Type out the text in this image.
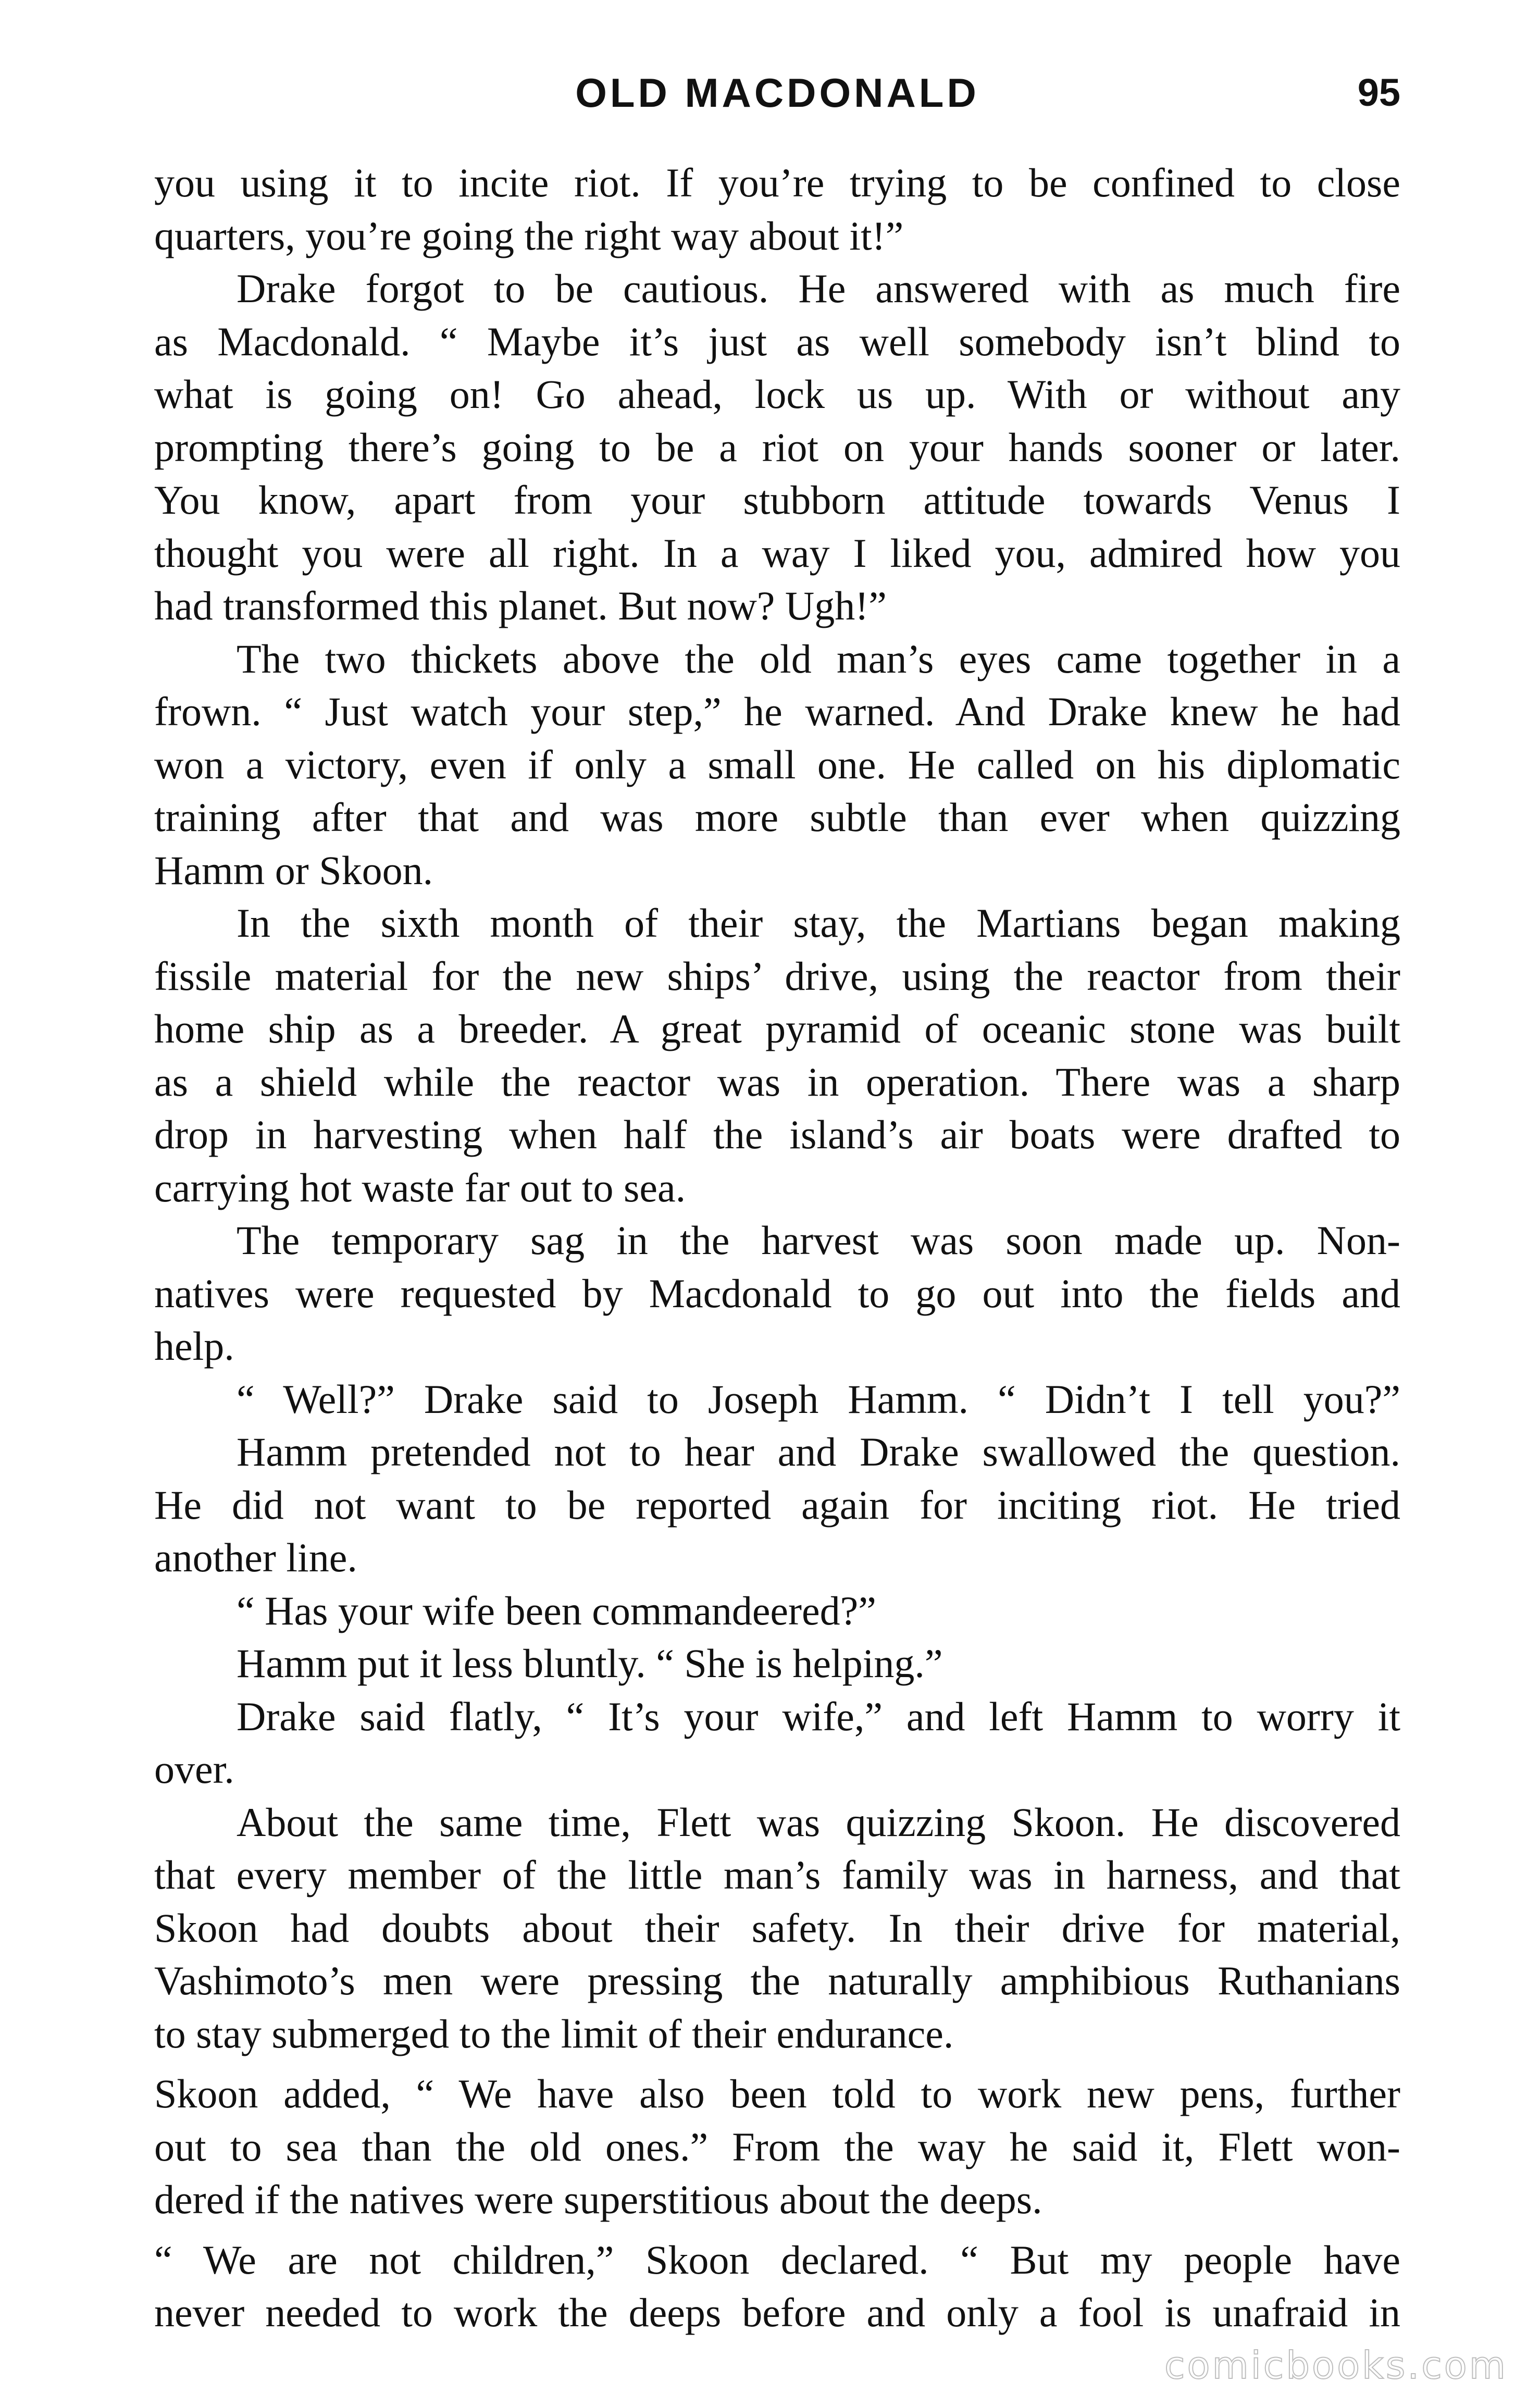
OLD MACDONALD	95
you using it to incite riot. If you’re trying to be confined to close
quarters, you’re going the right way about it!”
Drake forgot to be cautious. He answered with as much fire
as Macdonald. “ Maybe it’s just as well somebody isn’t blind to
what is going on! Go ahead, lock us up. With or without any
prompting there’s going to be a riot on your hands sooner or later.
You know, apart from your stubborn attitude towards Venus I
thought you were all right. In a way I liked you, admired how you
had transformed this planet. But now? Ugh!”
The two thickets above the old man’s eyes came together in a
frown. “ Just watch your step,” he warned. And Drake knew he had
won a victory, even if only a small one. He called on his diplomatic
training after that and was more subtle than ever when quizzing
Hamm or Skoon.
In the sixth month of their stay, the Martians began making
fissile material for the new ships’ drive, using the reactor from their
home ship as a breeder. A great pyramid of oceanic stone was built
as a shield while the reactor was in operation. There was a sharp
drop in harvesting when half the island’s air boats were drafted to
carrying hot waste far out to sea.
The temporary sag in the harvest was soon made up. Non-
natives were requested by Macdonald to go out into the fields and
help.
“ Well?” Drake said to Joseph Hamm. “ Didn’t I tell you?”
Hamm pretended not to hear and Drake swallowed the question.
He did not want to be reported again for inciting riot. He tried
another line.
“ Has your wife been commandeered?”
Hamm put it less bluntly. “ She is helping.”
Drake said flatly, “ It’s your wife,” and left Hamm to worry it
over.
About the same time, Flett was quizzing Skoon. He discovered
that every member of the little man’s family was in harness, and that
Skoon had doubts about their safety. In their drive for material,
Vashimoto’s men were pressing the naturally amphibious Ruthanians
to stay submerged to the limit of their endurance.
Skoon added, “ We have also been told to work new pens, further
out to sea than the old ones.” From the way he said it, Flett won-
dered if the natives were superstitious about the deeps.
“ We are not children,” Skoon declared. “ But my people have
never needed to work the deeps before and only a fool is unafraid in
comicbooks.com
